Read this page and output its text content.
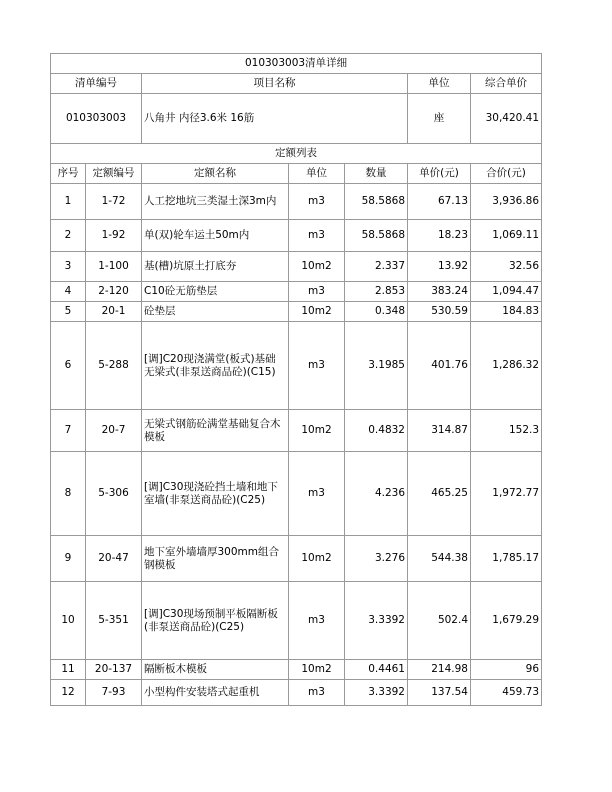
010303003清单详细						
清单编号		项目名称			单位	综合单价
010303003		八角井 内径3.6米 16筋			座	30,420.41
定额列表						
序号	定额编号	定额名称	单位	数量	单价(元)	合价(元)
1	1-72	人工挖地坑三类湿土深3m内	m3	58.5868	67.13	3,936.86
2	1-92	单(双)轮车运土50m内	m3	58.5868	18.23	1,069.11
3	1-100	基(槽)坑原土打底夯	10m2	2.337	13.92	32.56
4	2-120	C10砼无筋垫层	m3	2.853	383.24	1,094.47
5	20-1	砼垫层	10m2	0.348	530.59	184.83
6	5-288	[调]C20现浇满堂(板式)基础无梁式(非泵送商品砼)(C15)	m3	3.1985	401.76	1,286.32
7	20-7	无梁式钢筋砼满堂基础复合木模板	10m2	0.4832	314.87	152.3
8	5-306	[调]C30现浇砼挡土墙和地下室墙(非泵送商品砼)(C25)	m3	4.236	465.25	1,972.77
9	20-47	地下室外墙墙厚300mm组合钢模板	10m2	3.276	544.38	1,785.17
10	5-351	[调]C30现场预制平板隔断板(非泵送商品砼)(C25)	m3	3.3392	502.4	1,679.29
11	20-137	隔断板木模板	10m2	0.4461	214.98	96
12	7-93	小型构件安装塔式起重机	m3	3.3392	137.54	459.73
